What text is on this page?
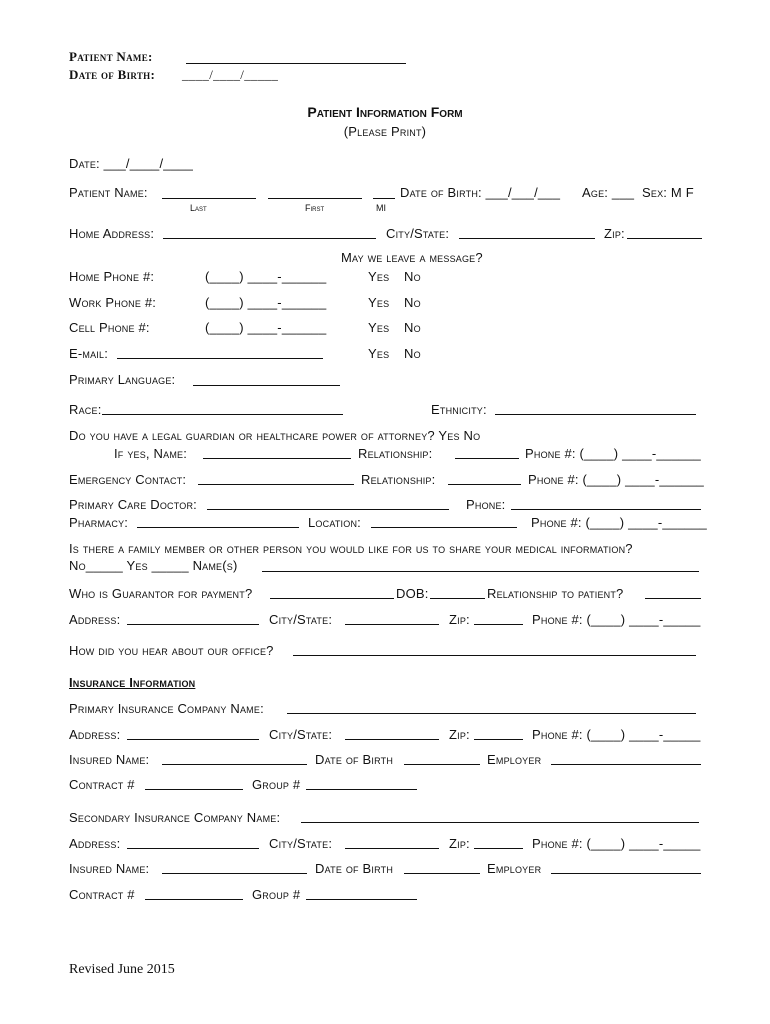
Patient Name:
Date of Birth: ____/____/_____
Patient Information Form
(Please Print)
Date: ___/____/____
Patient Name:
Last	First	MI
Date of Birth: ___/___/___ Age: ___ Sex: M F
Home Address:	City/State:	Zip:
May we leave a message?
Home Phone #:	(____) ____-______	Yes No
Work Phone #:	(____) ____-______	Yes No
Cell Phone #:	(____) ____-______	Yes No
E-mail:	Yes No
Primary Language:
Race:	Ethnicity:
Do you have a legal guardian or healthcare power of attorney? Yes No
If yes, Name:	Relationship:	Phone #: (____) ____-______
Emergency Contact:	Relationship:	Phone #: (____) ____-______
Primary Care Doctor:	Phone:
Pharmacy:	Location:	Phone #: (____) ____-______
Is there a family member or other person you would like for us to share your medical information?
No_____ Yes _____ Name(s)
Who is Guarantor for payment?	DOB:	Relationship to patient?
Address:	City/State:	Zip:	Phone #: (____) ____-_____
How did you hear about our office?
Insurance Information
Primary Insurance Company Name:
Address:	City/State:	Zip:	Phone #: (____) ____-_____
Insured Name:	Date of Birth	Employer
Contract #	Group #
Secondary Insurance Company Name:
Address:	City/State:	Zip:	Phone #: (____) ____-_____
Insured Name:	Date of Birth	Employer
Contract #	Group #
Revised June 2015
